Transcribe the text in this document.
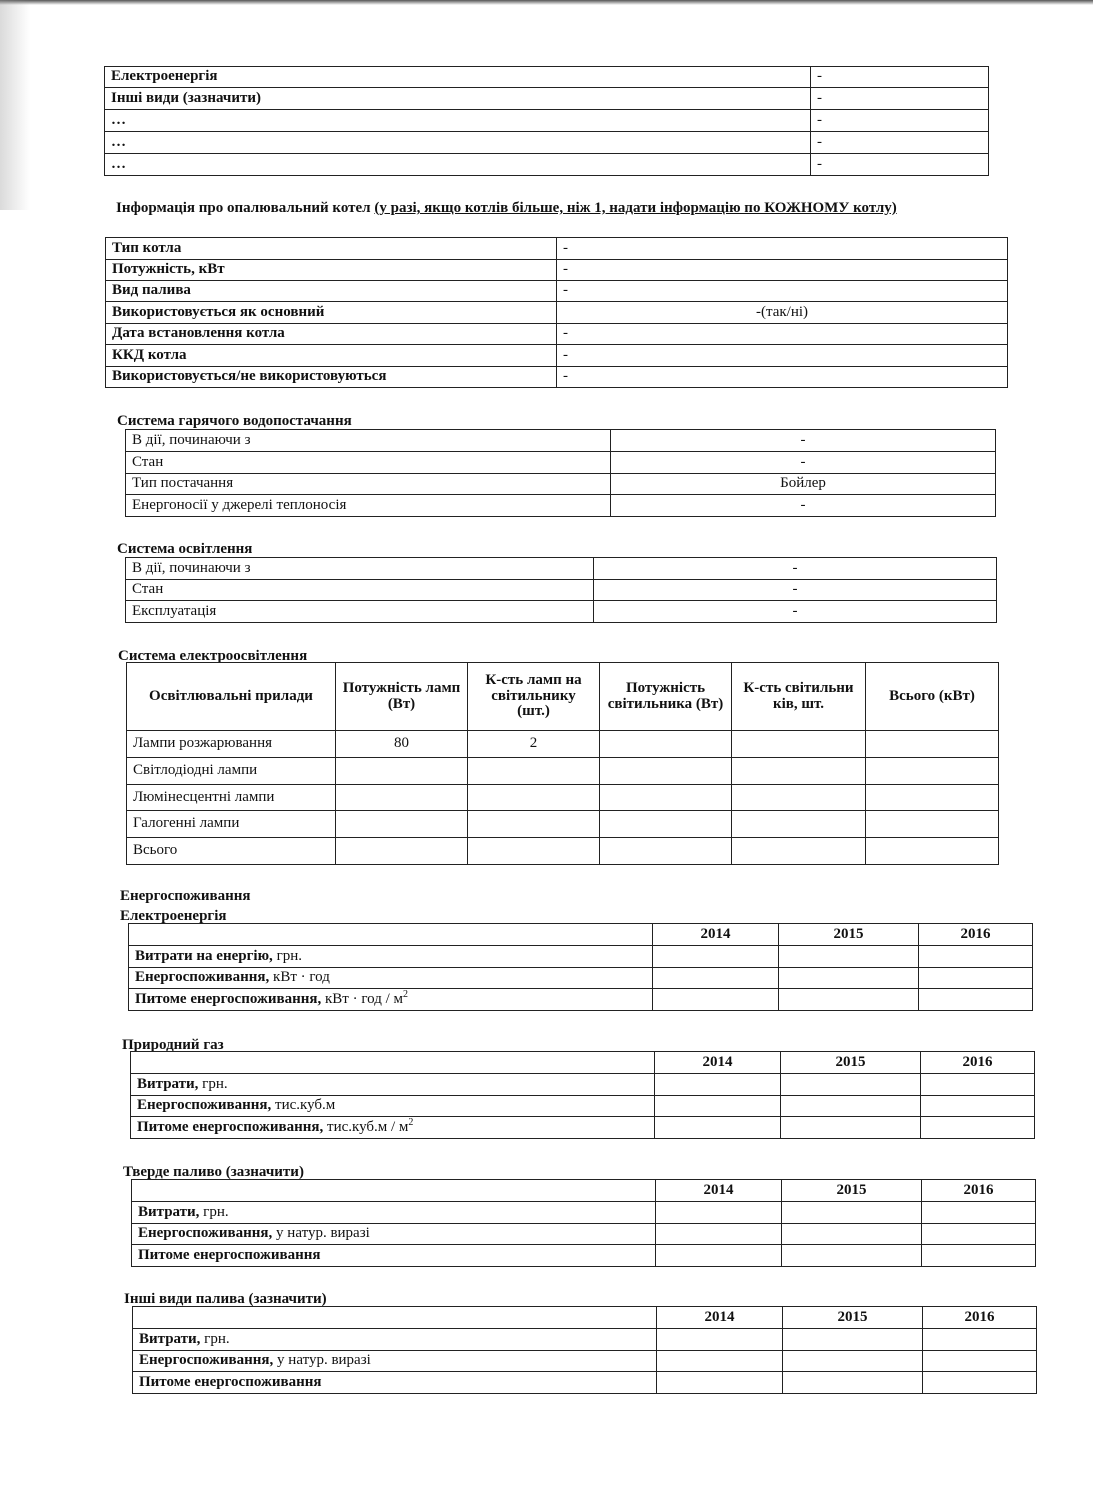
Електроенергія	-
Інші види (зазначити)	-
…	-
…	-
…	-
Інформація про опалювальний котел (у разі, якщо котлів більше, ніж 1, надати інформацію по КОЖНОМУ котлу)
Тип котла	-
Потужність, кВт	-
Вид палива	-
Використовується як основний	-(так/ні)
Дата встановлення котла	-
ККД котла	-
Використовується/не використовуються	-
Система гарячого водопостачання
В дії, починаючи з	-
Стан	-
Тип постачання	Бойлер
Енергоносії у джерелі теплоносія	-
Система освітлення
В дії, починаючи з	-
Стан	-
Експлуатація	-
Система електроосвітлення
Освітлювальні прилади	Потужність ламп (Вт)	К-сть ламп на світильнику (шт.)	Потужність світильника (Вт)	К-сть світильни ків, шт.	Всього (кВт)
Лампи розжарювання	80	2			
Світлодіодні лампи					
Люмінесцентні лампи					
Галогенні лампи					
Всього					
Енергоспоживання
Електроенергія
	2014	2015	2016
Витрати на енергію, грн.			
Енергоспоживання, кВт · год			
Питоме енергоспоживання, кВт · год / $м^2$			
Природний газ
	2014	2015	2016
Витрати, грн.			
Енергоспоживання, тис.куб.м			
Питоме енергоспоживання, $тис.куб.м / м^2$			
Тверде паливо (зазначити)
	2014	2015	2016
Витрати, грн.			
Енергоспоживання, у натур. виразі			
Питоме енергоспоживання			
Інші види палива (зазначити)
	2014	2015	2016
Витрати, грн.			
Енергоспоживання, у натур. виразі			
Питоме енергоспоживання			
